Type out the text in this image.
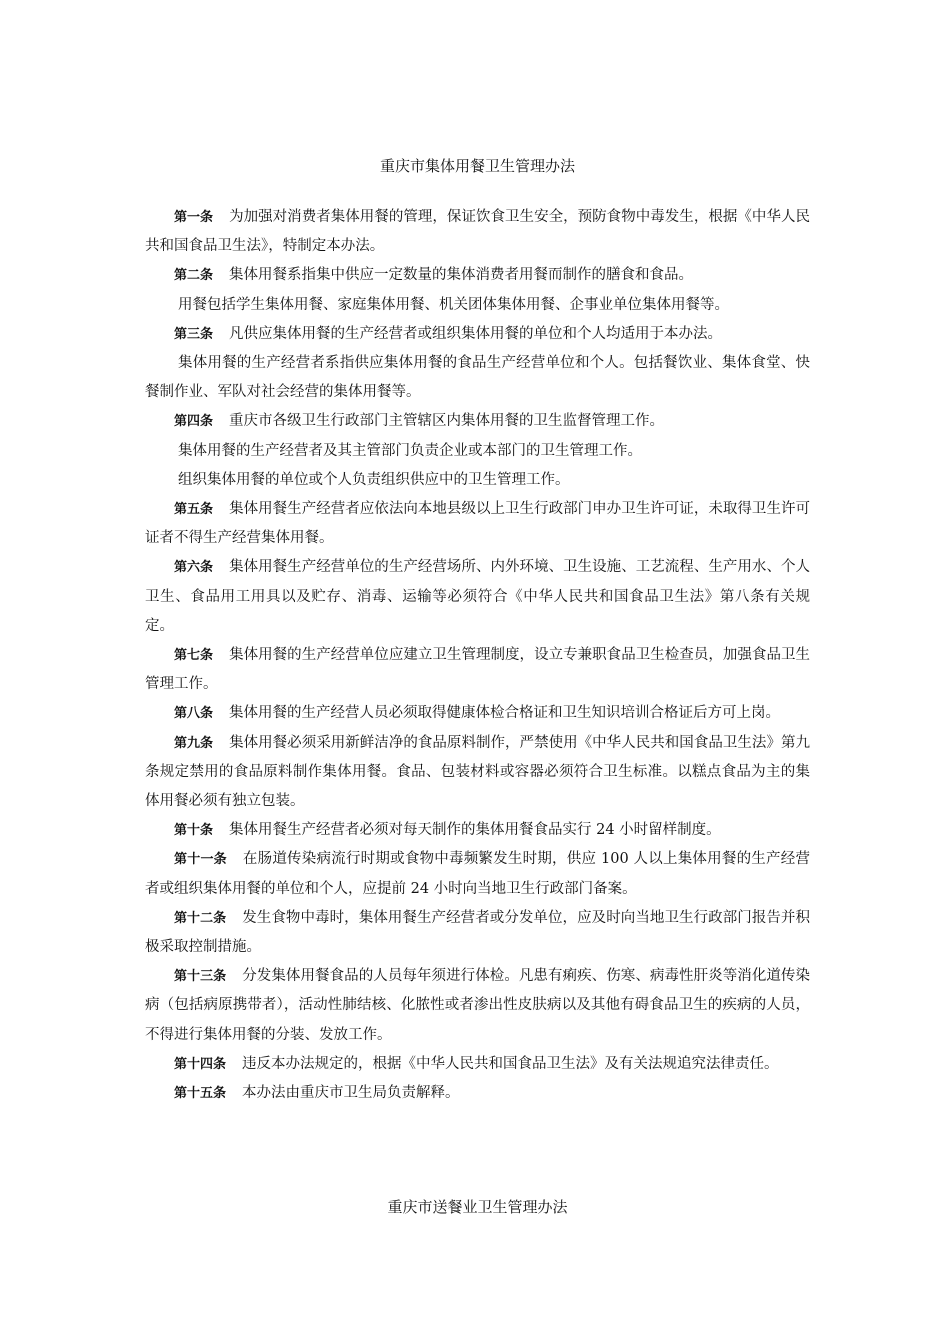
重庆市集体用餐卫生管理办法

第一条 为加强对消费者集体用餐的管理，保证饮食卫生安全，预防食物中毒发生，根据《中华人民共和国食品卫生法》，特制定本办法。

第二条 集体用餐系指集中供应一定数量的集体消费者用餐而制作的膳食和食品。

用餐包括学生集体用餐、家庭集体用餐、机关团体集体用餐、企事业单位集体用餐等。

第三条 凡供应集体用餐的生产经营者或组织集体用餐的单位和个人均适用于本办法。

集体用餐的生产经营者系指供应集体用餐的食品生产经营单位和个人。包括餐饮业、集体食堂、快餐制作业、军队对社会经营的集体用餐等。

第四条 重庆市各级卫生行政部门主管辖区内集体用餐的卫生监督管理工作。

集体用餐的生产经营者及其主管部门负责企业或本部门的卫生管理工作。

组织集体用餐的单位或个人负责组织供应中的卫生管理工作。

第五条 集体用餐生产经营者应依法向本地县级以上卫生行政部门申办卫生许可证，未取得卫生许可证者不得生产经营集体用餐。

第六条 集体用餐生产经营单位的生产经营场所、内外环境、卫生设施、工艺流程、生产用水、个人卫生、食品用工用具以及贮存、消毒、运输等必须符合《中华人民共和国食品卫生法》第八条有关规定。

第七条 集体用餐的生产经营单位应建立卫生管理制度，设立专兼职食品卫生检查员，加强食品卫生管理工作。

第八条 集体用餐的生产经营人员必须取得健康体检合格证和卫生知识培训合格证后方可上岗。

第九条 集体用餐必须采用新鲜洁净的食品原料制作，严禁使用《中华人民共和国食品卫生法》第九条规定禁用的食品原料制作集体用餐。食品、包装材料或容器必须符合卫生标准。以糕点食品为主的集体用餐必须有独立包装。

第十条 集体用餐生产经营者必须对每天制作的集体用餐食品实行 24 小时留样制度。

第十一条 在肠道传染病流行时期或食物中毒频繁发生时期，供应 100 人以上集体用餐的生产经营者或组织集体用餐的单位和个人，应提前 24 小时向当地卫生行政部门备案。

第十二条 发生食物中毒时，集体用餐生产经营者或分发单位，应及时向当地卫生行政部门报告并积极采取控制措施。

第十三条 分发集体用餐食品的人员每年须进行体检。凡患有痢疾、伤寒、病毒性肝炎等消化道传染病（包括病原携带者），活动性肺结核、化脓性或者渗出性皮肤病以及其他有碍食品卫生的疾病的人员，不得进行集体用餐的分装、发放工作。

第十四条 违反本办法规定的，根据《中华人民共和国食品卫生法》及有关法规追究法律责任。

第十五条 本办法由重庆市卫生局负责解释。

重庆市送餐业卫生管理办法
